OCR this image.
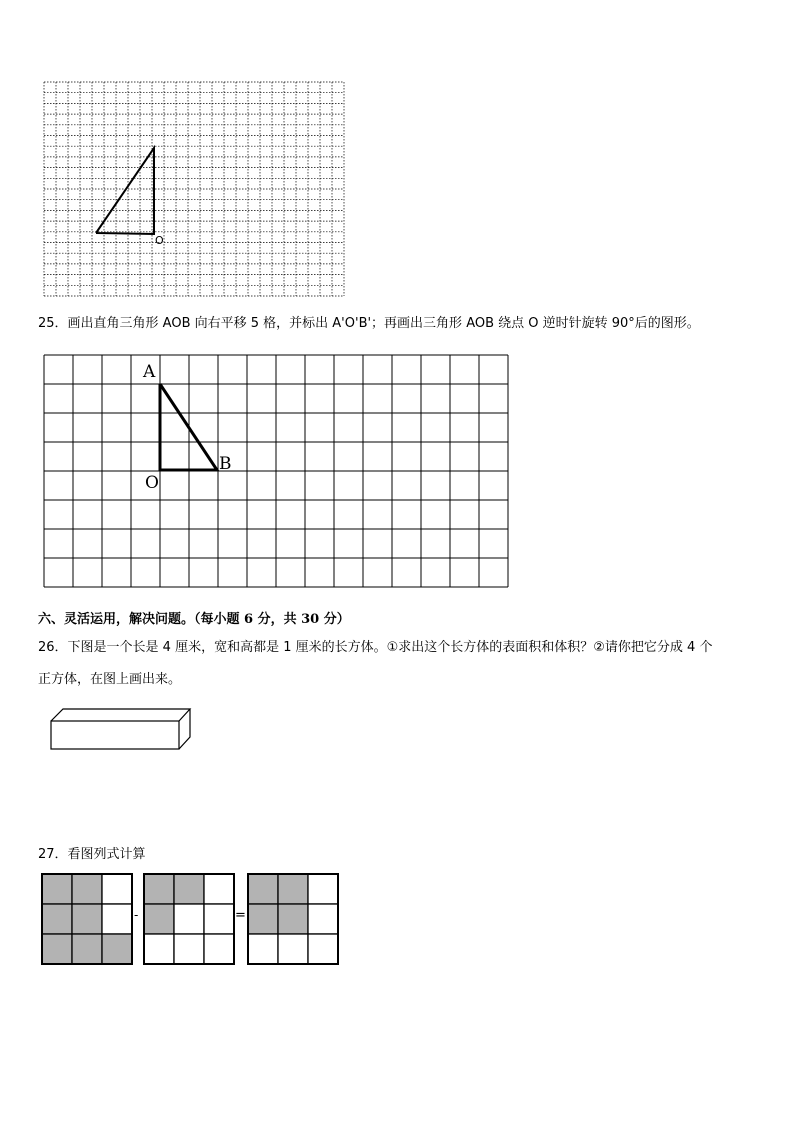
O
25．画出直角三角形 AOB 向右平移 5 格，并标出 A'O'B'；再画出三角形 AOB 绕点 O 逆时针旋转 90°后的图形。
A
B
O
六、灵活运用，解决问题。（每小题 6 分，共 30 分）
26．下图是一个长是 4 厘米，宽和高都是 1 厘米的长方体。①求出这个长方体的表面积和体积？②请你把它分成 4 个
正方体，在图上画出来。
27．看图列式计算
-	=
